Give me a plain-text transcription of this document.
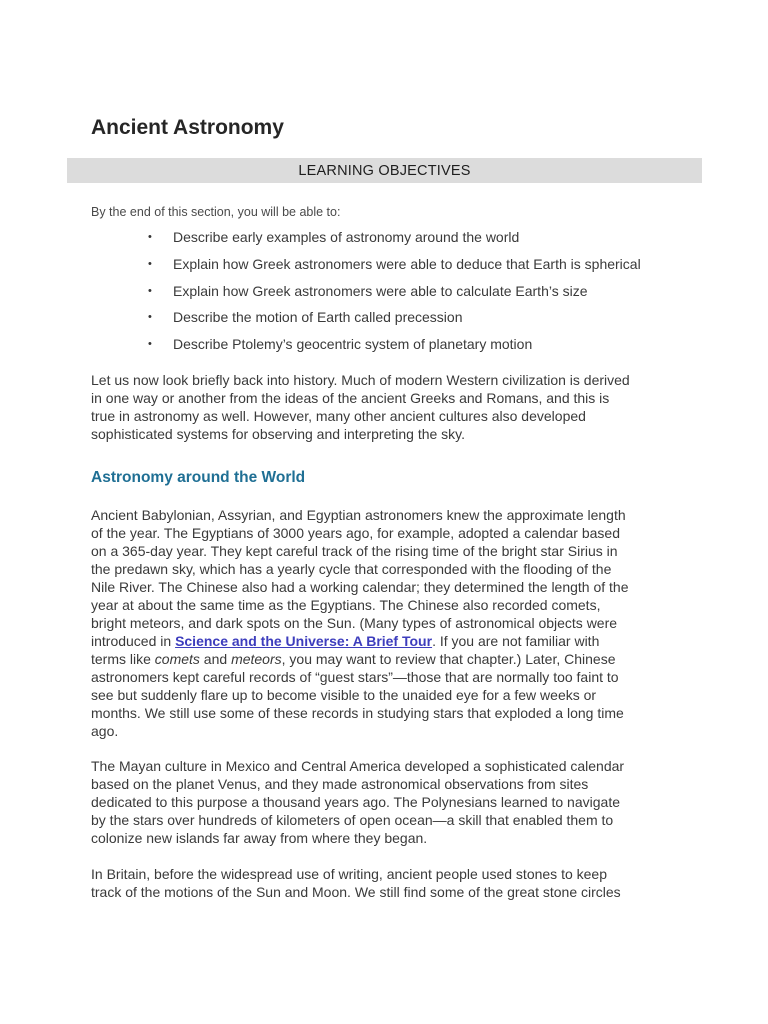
Ancient Astronomy
LEARNING OBJECTIVES

By the end of this section, you will be able to:

• Describe early examples of astronomy around the world
• Explain how Greek astronomers were able to deduce that Earth is spherical
• Explain how Greek astronomers were able to calculate Earth’s size
• Describe the motion of Earth called precession
• Describe Ptolemy’s geocentric system of planetary motion

Let us now look briefly back into history. Much of modern Western civilization is derived
in one way or another from the ideas of the ancient Greeks and Romans, and this is
true in astronomy as well. However, many other ancient cultures also developed
sophisticated systems for observing and interpreting the sky.

Astronomy around the World

Ancient Babylonian, Assyrian, and Egyptian astronomers knew the approximate length
of the year. The Egyptians of 3000 years ago, for example, adopted a calendar based
on a 365-day year. They kept careful track of the rising time of the bright star Sirius in
the predawn sky, which has a yearly cycle that corresponded with the flooding of the
Nile River. The Chinese also had a working calendar; they determined the length of the
year at about the same time as the Egyptians. The Chinese also recorded comets,
bright meteors, and dark spots on the Sun. (Many types of astronomical objects were
introduced in Science and the Universe: A Brief Tour. If you are not familiar with
terms like comets and meteors, you may want to review that chapter.) Later, Chinese
astronomers kept careful records of “guest stars”—those that are normally too faint to
see but suddenly flare up to become visible to the unaided eye for a few weeks or
months. We still use some of these records in studying stars that exploded a long time
ago.

The Mayan culture in Mexico and Central America developed a sophisticated calendar
based on the planet Venus, and they made astronomical observations from sites
dedicated to this purpose a thousand years ago. The Polynesians learned to navigate
by the stars over hundreds of kilometers of open ocean—a skill that enabled them to
colonize new islands far away from where they began.

In Britain, before the widespread use of writing, ancient people used stones to keep
track of the motions of the Sun and Moon. We still find some of the great stone circles
